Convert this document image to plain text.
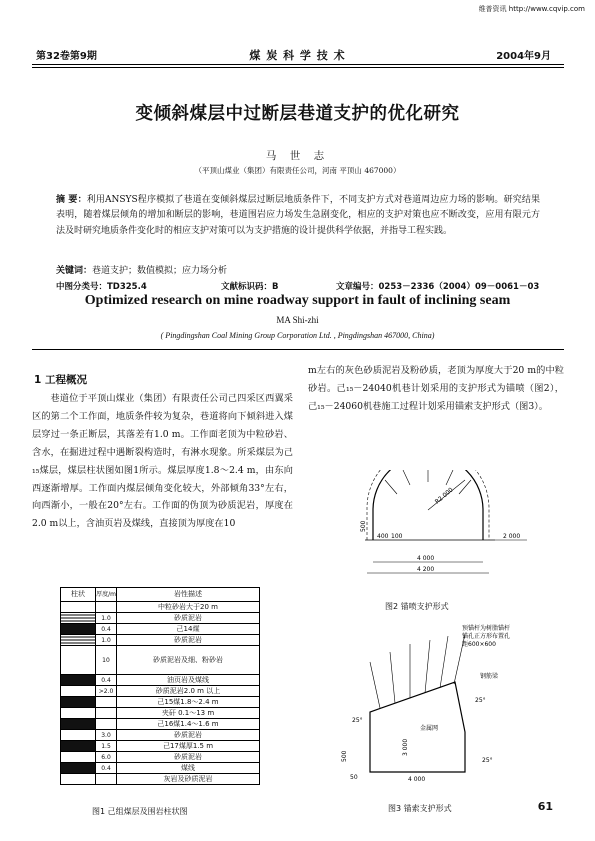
维普资讯 http://www.cqvip.com
第32卷第9期	煤 炭 科 学 技 术	2004年9月
变倾斜煤层中过断层巷道支护的优化研究
马 世 志
（平顶山煤业（集团）有限责任公司，河南 平顶山 467000）
摘 要：利用ANSYS程序模拟了巷道在变倾斜煤层过断层地质条件下，不同支护方式对巷道周边应力场的影响。研究结果表明，随着煤层倾角的增加和断层的影响，巷道围岩应力场发生急剧变化，相应的支护对策也应不断改变，应用有限元方法及时研究地质条件变化时的相应支护对策可以为支护措施的设计提供科学依据，并指导工程实践。
关键词：巷道支护；数值模拟；应力场分析
中图分类号：TD325.4	文献标识码：B	文章编号：0253－2336（2004）09－0061－03
Optimized research on mine roadway support in fault of inclining seam
MA Shi-zhi
( Pingdingshan Coal Mining Group Corporation Ltd. , Pingdingshan 467000, China)
1 工程概况
巷道位于平顶山煤业（集团）有限责任公司己四采区西翼采区的第二个工作面，地质条件较为复杂，巷道将向下倾斜进入煤层穿过一条正断层，其落差有1.0 m。工作面老顶为中粒砂岩、含水，在掘进过程中遇断裂构造时，有淋水现象。所采煤层为己₁₅煤层，煤层柱状图如图1所示。煤层厚度1.8～2.4 m，由东向西逐渐增厚。工作面内煤层倾角变化较大，外部倾角33°左右，向西渐小，一般在20°左右。工作面的伪顶为砂质泥岩，厚度在2.0 m以上，含油页岩及煤线，直接顶为厚度在10
m左右的灰色砂质泥岩及粉砂质，老顶为厚度大于20 m的中粒砂岩。己₁₅－24040机巷计划采用的支护形式为锚喷（图2），己₁₅－24060机巷施工过程计划采用锚索支护形式（图3）。
柱状	厚度/m	岩性描述
		中粒砂岩大于20 m
	1.0	砂质泥岩
	0.4	己14煤
	1.0	砂质泥岩
	10	砂质泥岩及细、粉砂岩
	0.4	油页岩及煤线
	>2.0	砂质泥岩2.0 m 以上
		己15煤1.8～2.4 m
		夹矸 0.1～13 m
		己16煤1.4～1.6 m
	3.0	砂质泥岩
	1.5	己17煤厚1.5 m
	6.0	砂质泥岩
	0.4	煤线
		灰岩及砂质泥岩
图1 己组煤层及围岩柱状图
R2 000
500
400 100	2 000
4 000
4 200
图2 锚喷支护形式
预锚杆为树脂锚杆锚孔正方形布置孔距600×600
钢筋梁
金属网
3 000
500
25°
25°
50	4 000
25°
图3 锚索支护形式	61
